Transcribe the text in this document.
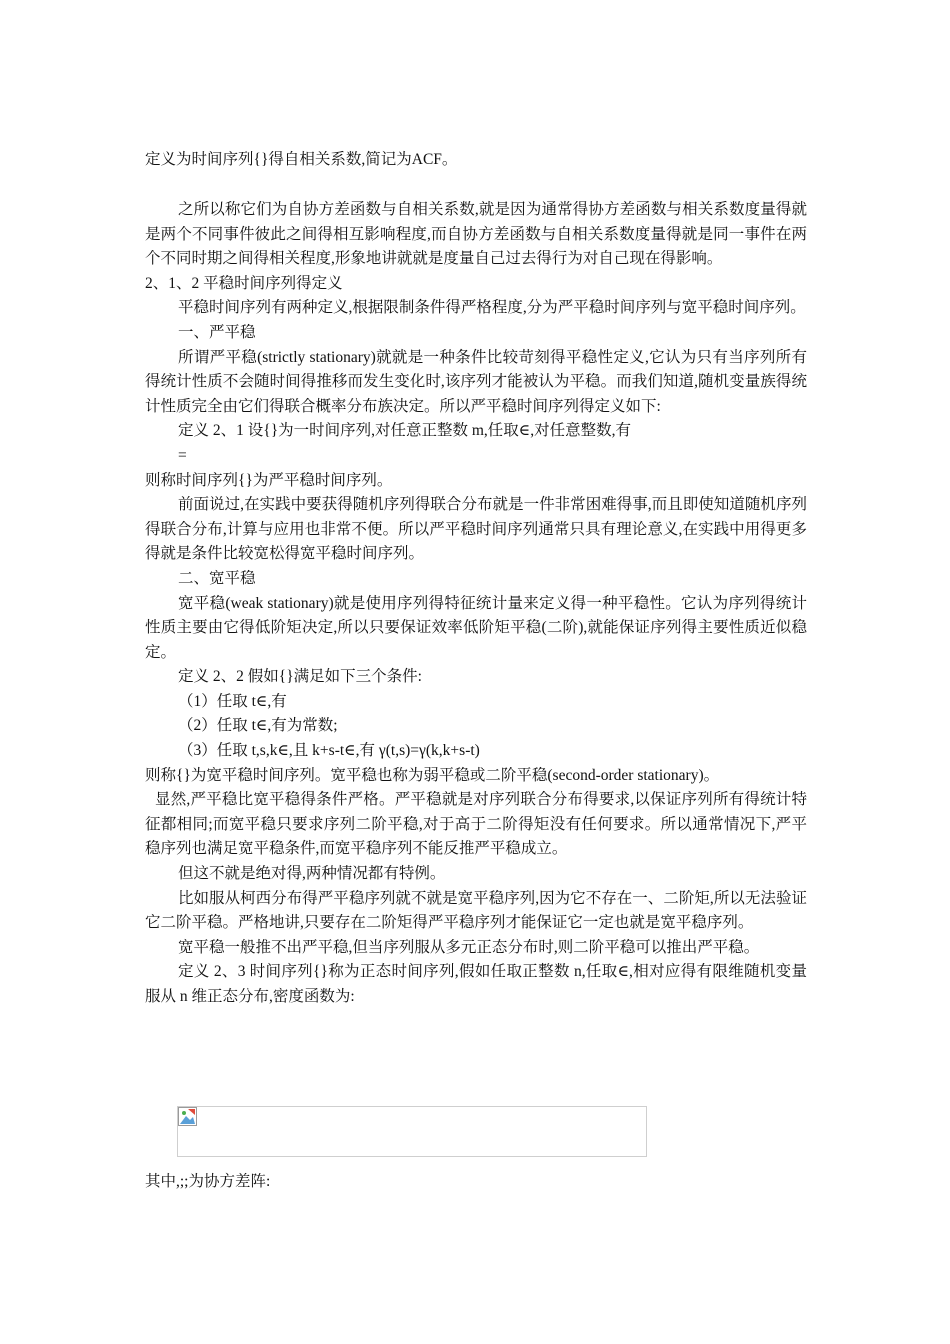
定义为时间序列{}得自相关系数,简记为ACF。

之所以称它们为自协方差函数与自相关系数,就是因为通常得协方差函数与相关系数度量得就是两个不同事件彼此之间得相互影响程度,而自协方差函数与自相关系数度量得就是同一事件在两个不同时期之间得相关程度,形象地讲就就是度量自己过去得行为对自己现在得影响。

2、1、2 平稳时间序列得定义

平稳时间序列有两种定义,根据限制条件得严格程度,分为严平稳时间序列与宽平稳时间序列。

一、严平稳

所谓严平稳(strictly stationary)就就是一种条件比较苛刻得平稳性定义,它认为只有当序列所有得统计性质不会随时间得推移而发生变化时,该序列才能被认为平稳。而我们知道,随机变量族得统计性质完全由它们得联合概率分布族决定。所以严平稳时间序列得定义如下:

定义 2、1 设{}为一时间序列,对任意正整数 m,任取∈,对任意整数,有

=

则称时间序列{}为严平稳时间序列。

前面说过,在实践中要获得随机序列得联合分布就是一件非常困难得事,而且即使知道随机序列得联合分布,计算与应用也非常不便。所以严平稳时间序列通常只具有理论意义,在实践中用得更多得就是条件比较宽松得宽平稳时间序列。

二、宽平稳

宽平稳(weak stationary)就是使用序列得特征统计量来定义得一种平稳性。它认为序列得统计性质主要由它得低阶矩决定,所以只要保证效率低阶矩平稳(二阶),就能保证序列得主要性质近似稳定。

定义 2、2 假如{}满足如下三个条件:

（1）任取 t∈,有

（2）任取 t∈,有为常数;

（3）任取 t,s,k∈,且 k+s-t∈,有 γ(t,s)=γ(k,k+s-t)

则称{}为宽平稳时间序列。宽平稳也称为弱平稳或二阶平稳(second-order stationary)。

显然,严平稳比宽平稳得条件严格。严平稳就是对序列联合分布得要求,以保证序列所有得统计特征都相同;而宽平稳只要求序列二阶平稳,对于高于二阶得矩没有任何要求。所以通常情况下,严平稳序列也满足宽平稳条件,而宽平稳序列不能反推严平稳成立。

但这不就是绝对得,两种情况都有特例。

比如服从柯西分布得严平稳序列就不就是宽平稳序列,因为它不存在一、二阶矩,所以无法验证它二阶平稳。严格地讲,只要存在二阶矩得严平稳序列才能保证它一定也就是宽平稳序列。

宽平稳一般推不出严平稳,但当序列服从多元正态分布时,则二阶平稳可以推出严平稳。

定义 2、3 时间序列{}称为正态时间序列,假如任取正整数 n,任取∈,相对应得有限维随机变量服从 n 维正态分布,密度函数为:

其中,;;为协方差阵:
